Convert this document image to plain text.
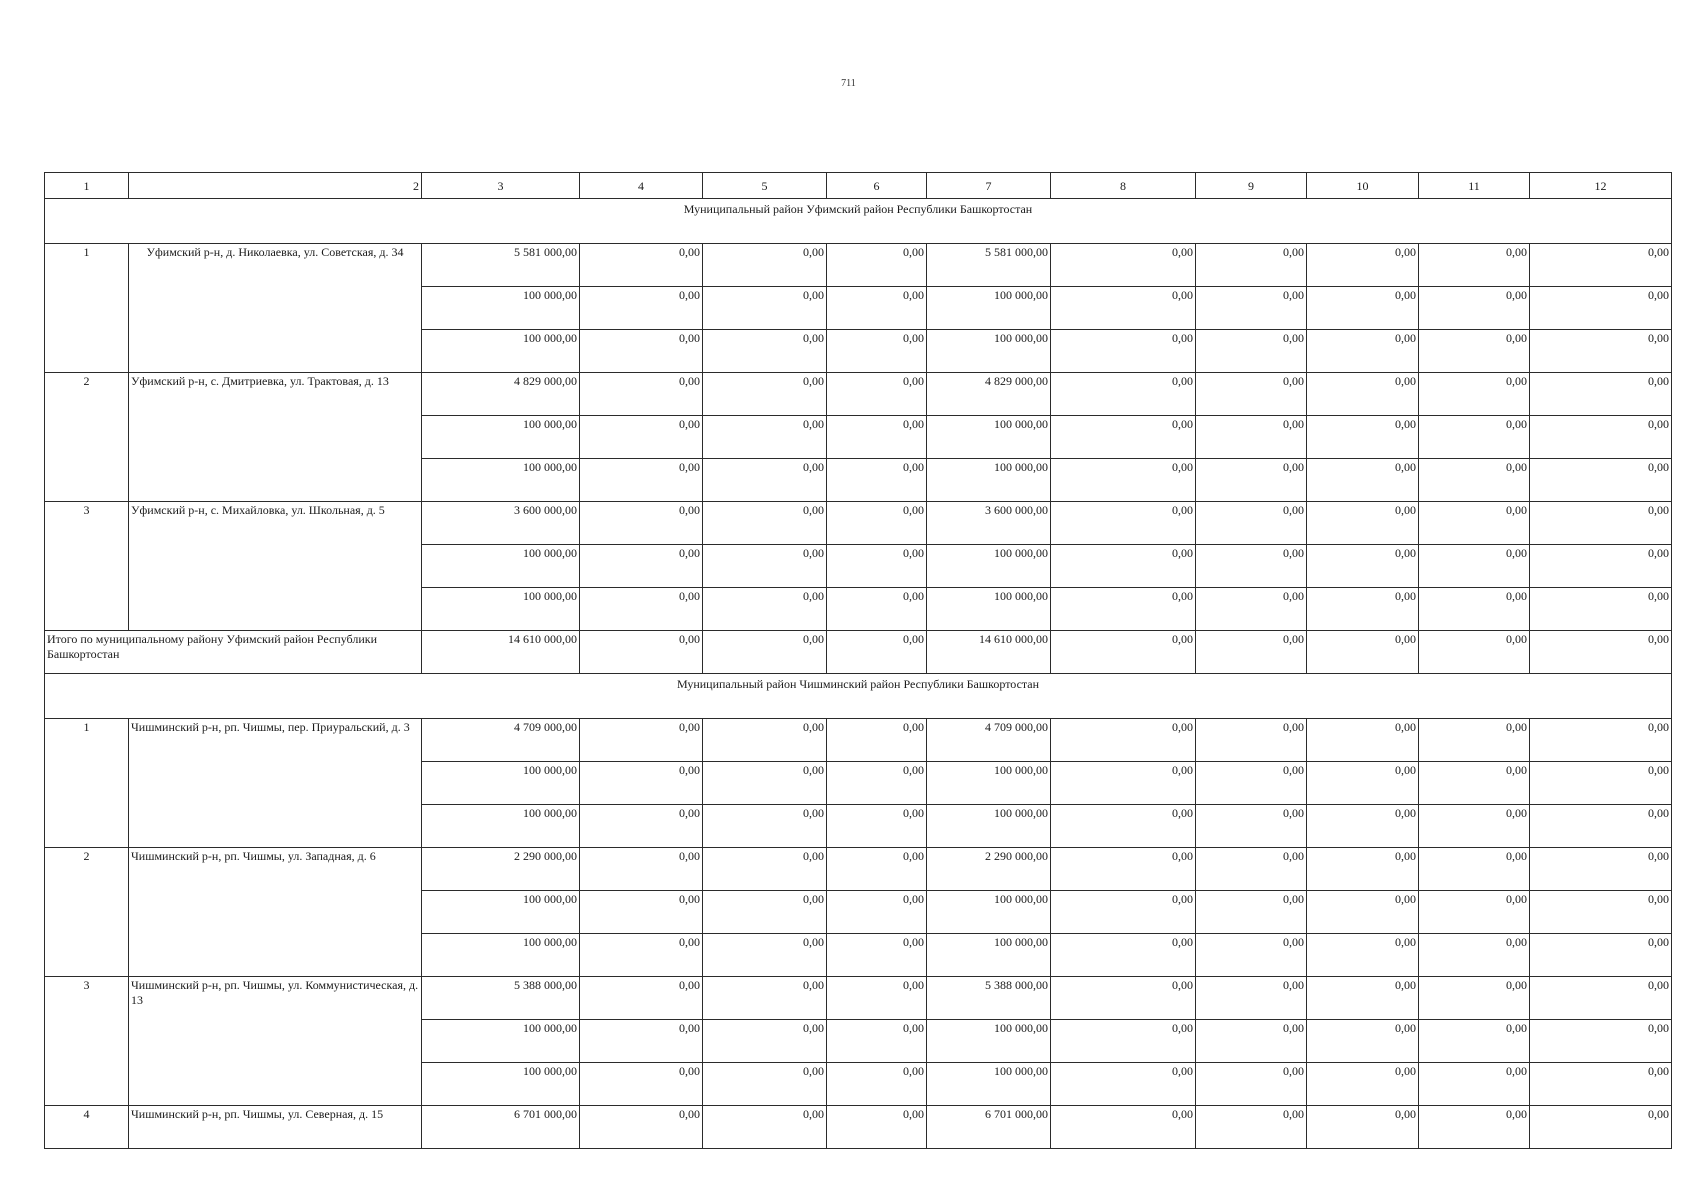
711
1	2	3	4	5	6	7	8	9	10	11	12
Муниципальный район Уфимский район Республики Башкортостан											
1	Уфимский р-н, д. Николаевка, ул. Советская, д. 34	5 581 000,00	0,00	0,00	0,00	5 581 000,00	0,00	0,00	0,00	0,00	0,00
		100 000,00	0,00	0,00	0,00	100 000,00	0,00	0,00	0,00	0,00	0,00
		100 000,00	0,00	0,00	0,00	100 000,00	0,00	0,00	0,00	0,00	0,00
2	Уфимский р-н, с. Дмитриевка, ул. Трактовая, д. 13	4 829 000,00	0,00	0,00	0,00	4 829 000,00	0,00	0,00	0,00	0,00	0,00
		100 000,00	0,00	0,00	0,00	100 000,00	0,00	0,00	0,00	0,00	0,00
		100 000,00	0,00	0,00	0,00	100 000,00	0,00	0,00	0,00	0,00	0,00
3	Уфимский р-н, с. Михайловка, ул. Школьная, д. 5	3 600 000,00	0,00	0,00	0,00	3 600 000,00	0,00	0,00	0,00	0,00	0,00
		100 000,00	0,00	0,00	0,00	100 000,00	0,00	0,00	0,00	0,00	0,00
		100 000,00	0,00	0,00	0,00	100 000,00	0,00	0,00	0,00	0,00	0,00
Итого по муниципальному району Уфимский район Республики Башкортостан		14 610 000,00	0,00	0,00	0,00	14 610 000,00	0,00	0,00	0,00	0,00	0,00
Муниципальный район Чишминский район Республики Башкортостан											
1	Чишминский р-н, рп. Чишмы, пер. Приуральский, д. 3	4 709 000,00	0,00	0,00	0,00	4 709 000,00	0,00	0,00	0,00	0,00	0,00
		100 000,00	0,00	0,00	0,00	100 000,00	0,00	0,00	0,00	0,00	0,00
		100 000,00	0,00	0,00	0,00	100 000,00	0,00	0,00	0,00	0,00	0,00
2	Чишминский р-н, рп. Чишмы, ул. Западная, д. 6	2 290 000,00	0,00	0,00	0,00	2 290 000,00	0,00	0,00	0,00	0,00	0,00
		100 000,00	0,00	0,00	0,00	100 000,00	0,00	0,00	0,00	0,00	0,00
		100 000,00	0,00	0,00	0,00	100 000,00	0,00	0,00	0,00	0,00	0,00
3	Чишминский р-н, рп. Чишмы, ул. Коммунистическая, д. 13	5 388 000,00	0,00	0,00	0,00	5 388 000,00	0,00	0,00	0,00	0,00	0,00
		100 000,00	0,00	0,00	0,00	100 000,00	0,00	0,00	0,00	0,00	0,00
		100 000,00	0,00	0,00	0,00	100 000,00	0,00	0,00	0,00	0,00	0,00
4	Чишминский р-н, рп. Чишмы, ул. Северная, д. 15	6 701 000,00	0,00	0,00	0,00	6 701 000,00	0,00	0,00	0,00	0,00	0,00
